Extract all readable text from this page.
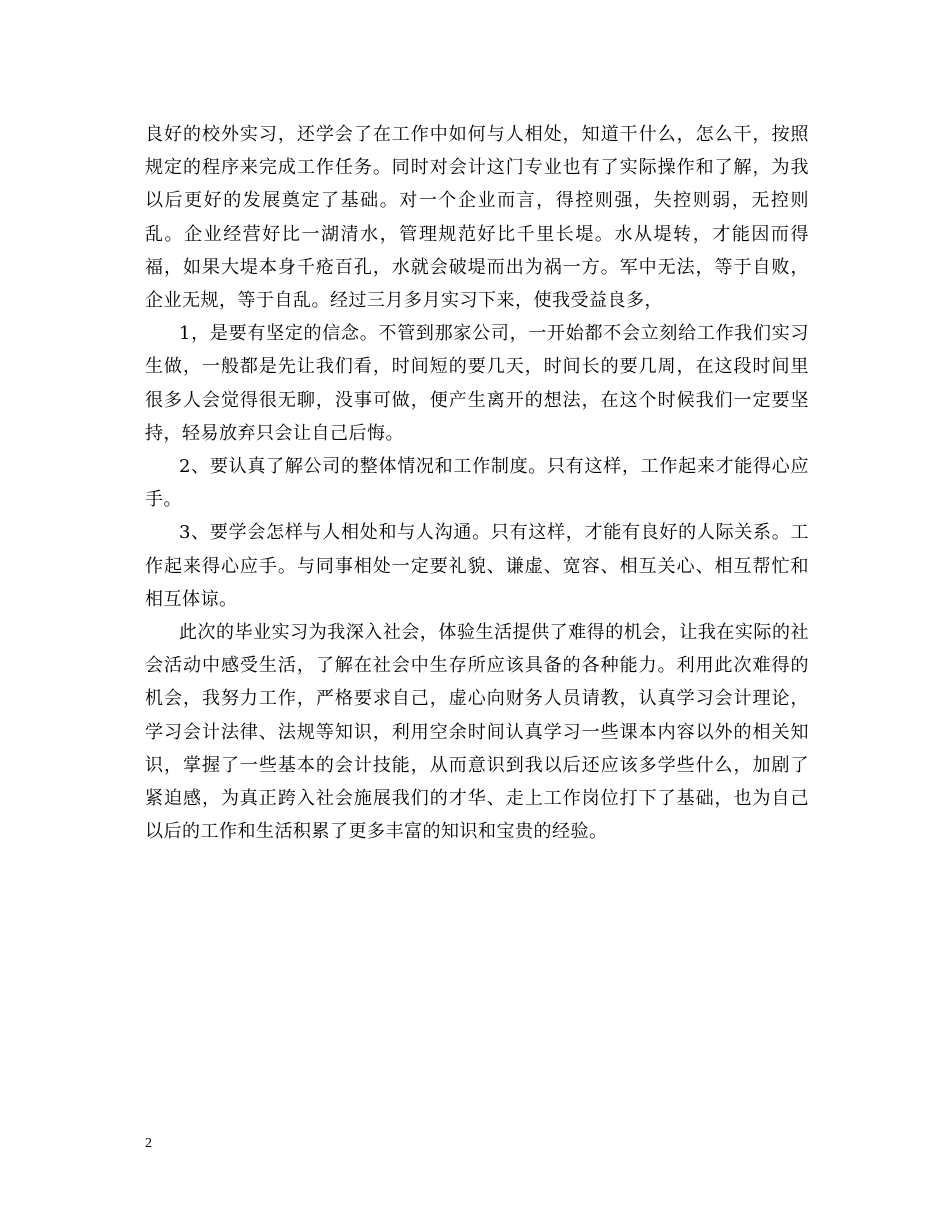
良好的校外实习，还学会了在工作中如何与人相处，知道干什么，怎么干，按照规定的程序来完成工作任务。同时对会计这门专业也有了实际操作和了解，为我以后更好的发展奠定了基础。对一个企业而言，得控则强，失控则弱，无控则乱。企业经营好比一湖清水，管理规范好比千里长堤。水从堤转，才能因而得福，如果大堤本身千疮百孔，水就会破堤而出为祸一方。军中无法，等于自败，企业无规，等于自乱。经过三月多月实习下来，使我受益良多，

1，是要有坚定的信念。不管到那家公司，一开始都不会立刻给工作我们实习生做，一般都是先让我们看，时间短的要几天，时间长的要几周，在这段时间里很多人会觉得很无聊，没事可做，便产生离开的想法，在这个时候我们一定要坚持，轻易放弃只会让自己后悔。

2、要认真了解公司的整体情况和工作制度。只有这样，工作起来才能得心应手。

3、要学会怎样与人相处和与人沟通。只有这样，才能有良好的人际关系。工作起来得心应手。与同事相处一定要礼貌、谦虚、宽容、相互关心、相互帮忙和相互体谅。

此次的毕业实习为我深入社会，体验生活提供了难得的机会，让我在实际的社会活动中感受生活，了解在社会中生存所应该具备的各种能力。利用此次难得的机会，我努力工作，严格要求自己，虚心向财务人员请教，认真学习会计理论，学习会计法律、法规等知识，利用空余时间认真学习一些课本内容以外的相关知识，掌握了一些基本的会计技能，从而意识到我以后还应该多学些什么，加剧了紧迫感，为真正跨入社会施展我们的才华、走上工作岗位打下了基础，也为自己以后的工作和生活积累了更多丰富的知识和宝贵的经验。

2
